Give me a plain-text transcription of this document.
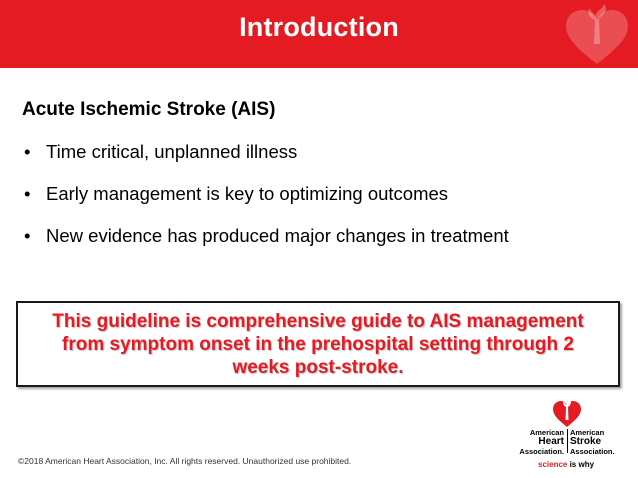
Introduction
Acute Ischemic Stroke (AIS)
• Time critical, unplanned illness
• Early management is key to optimizing outcomes
• New evidence has produced major changes in treatment
This guideline is comprehensive guide to AIS management from symptom onset in the prehospital setting through 2 weeks post-stroke.
©2018 American Heart Association, Inc. All rights reserved. Unauthorized use prohibited.
American
Heart
Association.
American
Stroke
Association.
science is why
